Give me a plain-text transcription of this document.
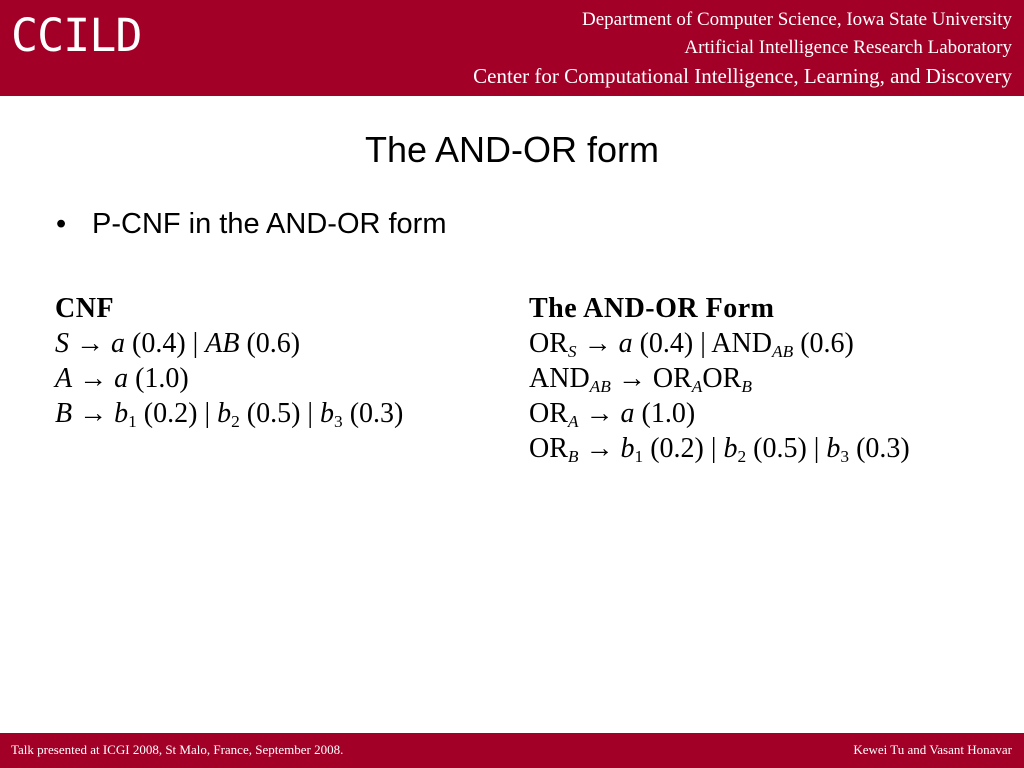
CCILD	Department of Computer Science, Iowa State University
Artificial Intelligence Research Laboratory
Center for Computational Intelligence, Learning, and Discovery
The AND-OR form
• P-CNF in the AND-OR form
CNF
S → a (0.4) | AB (0.6)
A → a (1.0)
$B \to b_1$ (0.2) | $b_2$ (0.5) | $b_3$ (0.3)
The AND-OR Form
$OR_S \to a$ (0.4) | $AND_{AB}$ (0.6)
$AND_{AB} \to OR_AOR_B$
$OR_A \to a$ (1.0)
$OR_B \to b_1$ (0.2) | $b_2$ (0.5) | $b_3$ (0.3)
Talk presented at ICGI 2008, St Malo, France, September 2008.	Kewei Tu and Vasant Honavar
